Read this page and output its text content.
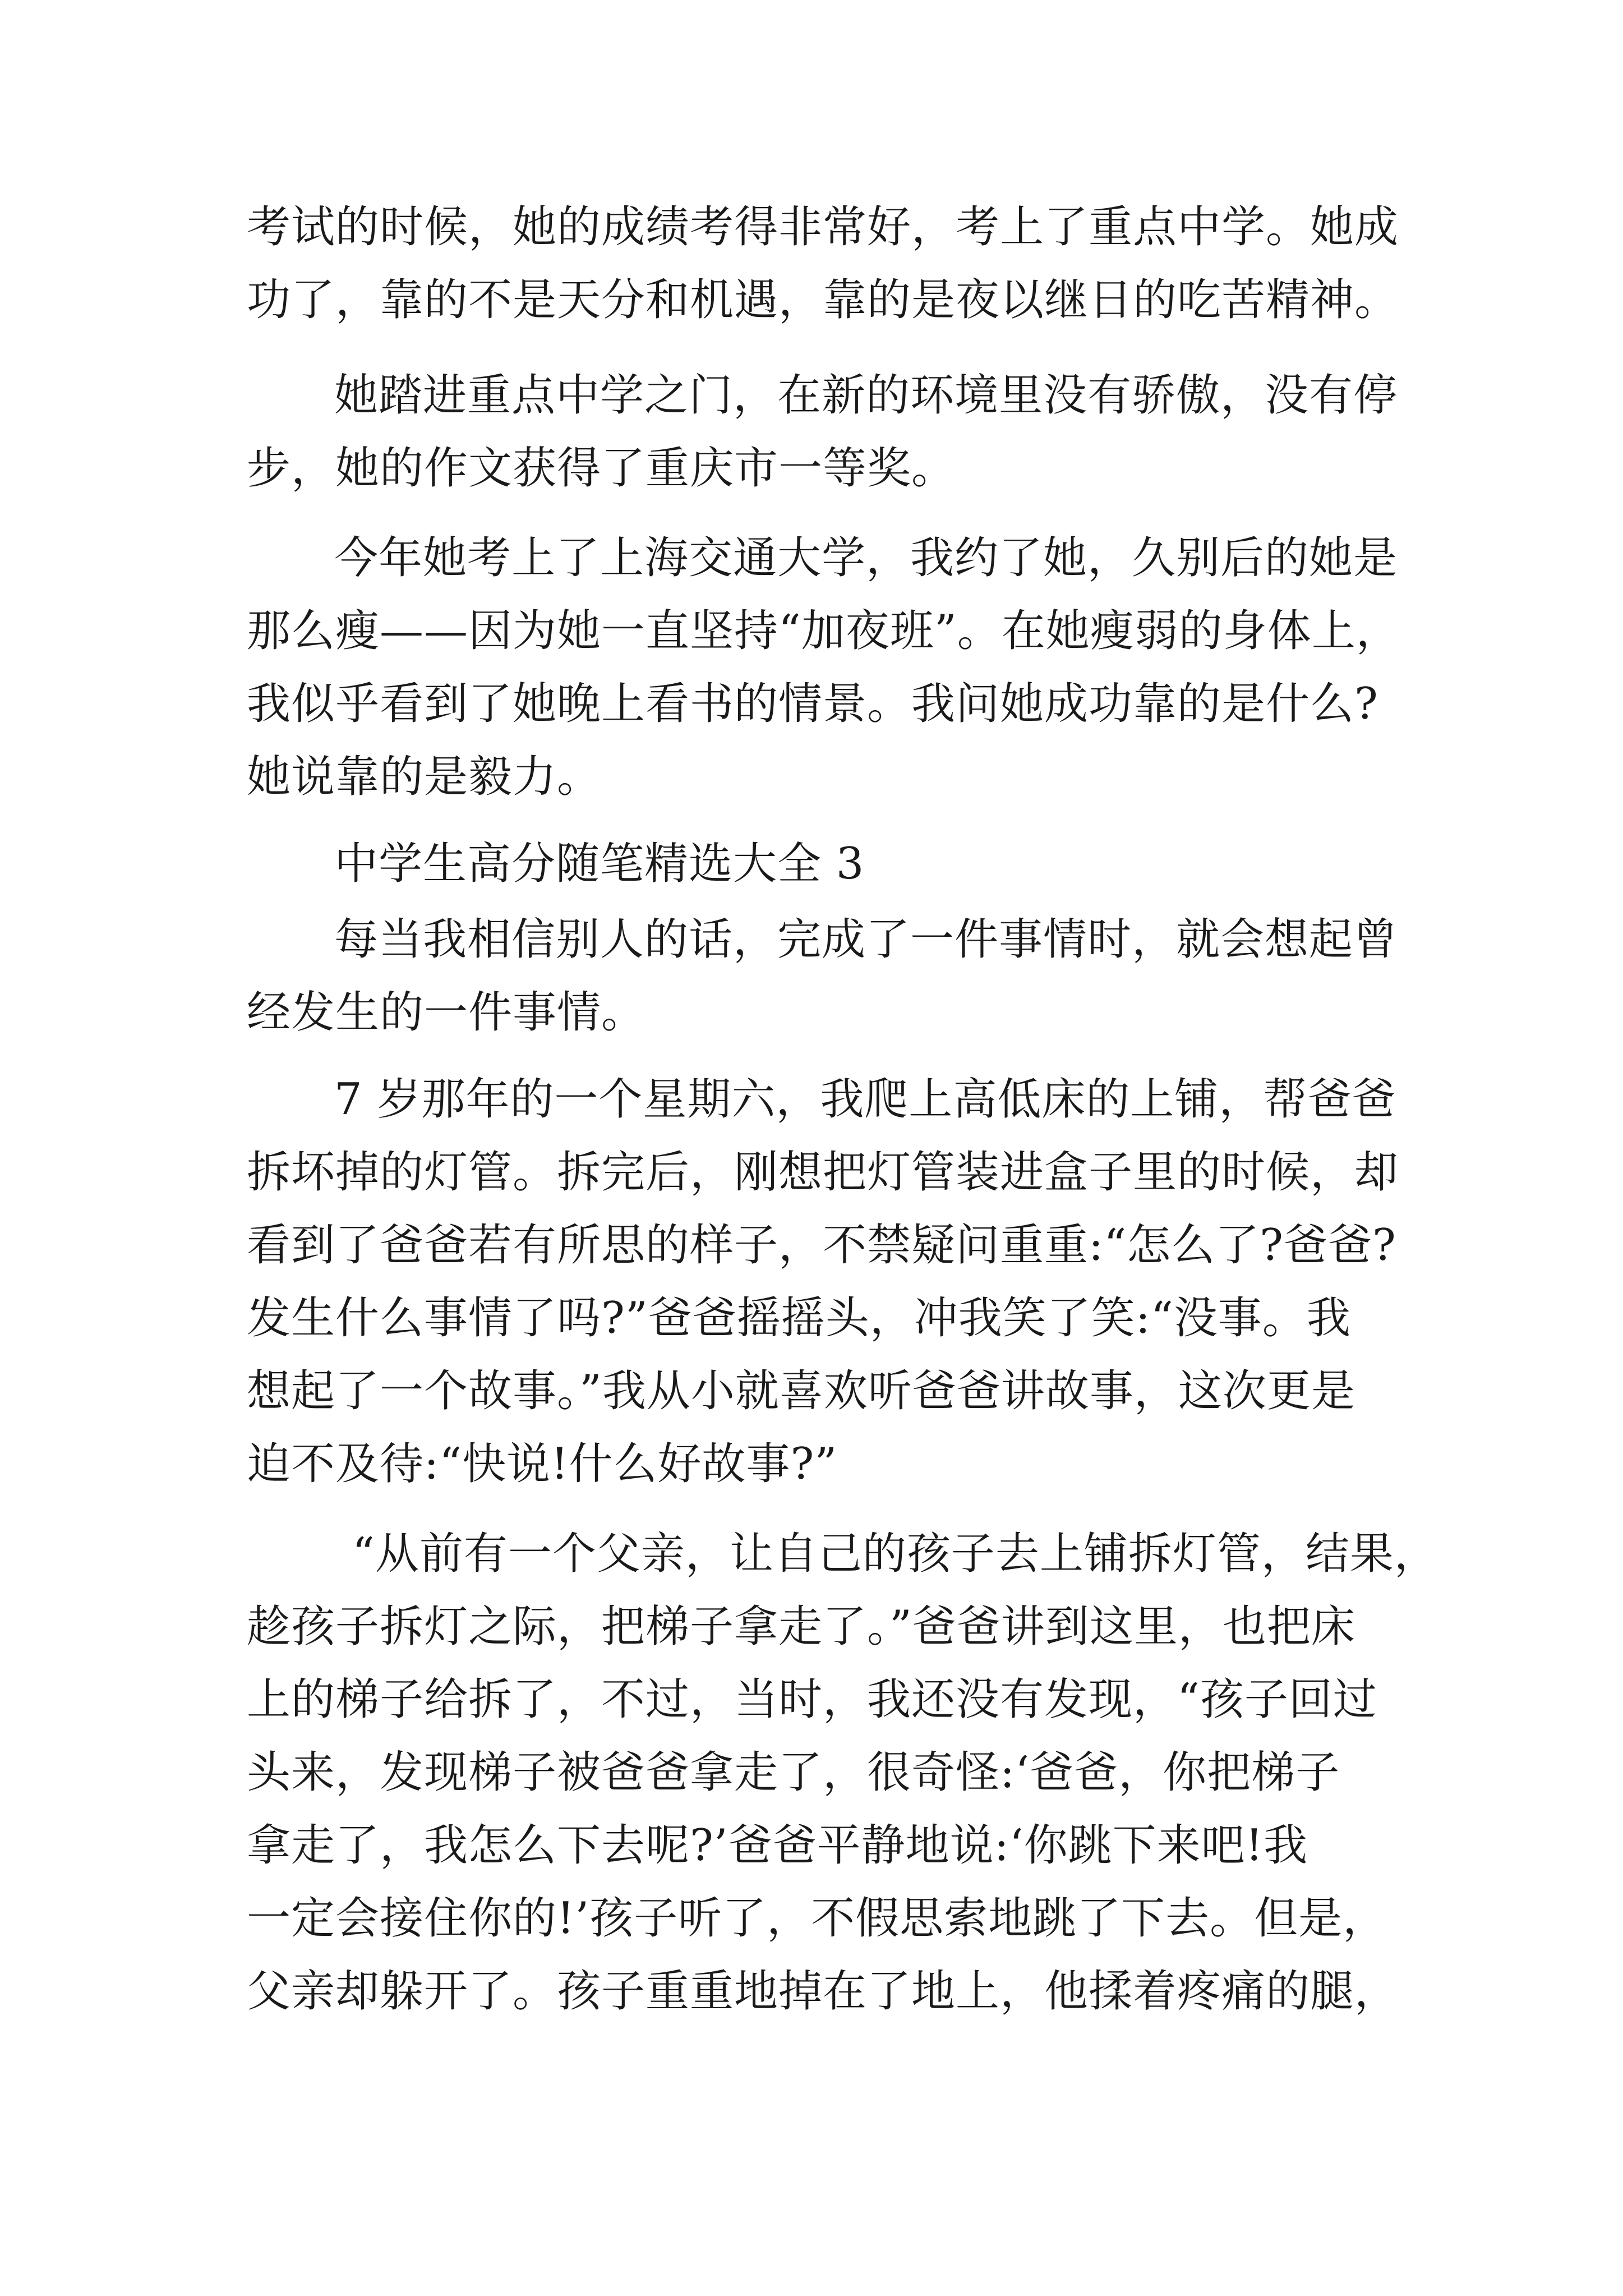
考试的时候，她的成绩考得非常好，考上了重点中学。她成
功了，靠的不是天分和机遇，靠的是夜以继日的吃苦精神。
她踏进重点中学之门，在新的环境里没有骄傲，没有停
步，她的作文获得了重庆市一等奖。
今年她考上了上海交通大学，我约了她，久别后的她是
那么瘦——因为她一直坚持“加夜班”。在她瘦弱的身体上，
我似乎看到了她晚上看书的情景。我问她成功靠的是什么?
她说靠的是毅力。
中学生高分随笔精选大全 3
每当我相信别人的话，完成了一件事情时，就会想起曾
经发生的一件事情。
7 岁那年的一个星期六，我爬上高低床的上铺，帮爸爸
拆坏掉的灯管。拆完后，刚想把灯管装进盒子里的时候，却
看到了爸爸若有所思的样子，不禁疑问重重:“怎么了?爸爸?
发生什么事情了吗?”爸爸摇摇头，冲我笑了笑:“没事。我
想起了一个故事。”我从小就喜欢听爸爸讲故事，这次更是
迫不及待:“快说!什么好故事?”
“从前有一个父亲，让自己的孩子去上铺拆灯管，结果，
趁孩子拆灯之际，把梯子拿走了。”爸爸讲到这里，也把床
上的梯子给拆了，不过，当时，我还没有发现，“孩子回过
头来，发现梯子被爸爸拿走了，很奇怪:‘爸爸，你把梯子
拿走了，我怎么下去呢?’爸爸平静地说:‘你跳下来吧!我
一定会接住你的!’孩子听了，不假思索地跳了下去。但是，
父亲却躲开了。孩子重重地掉在了地上，他揉着疼痛的腿，
